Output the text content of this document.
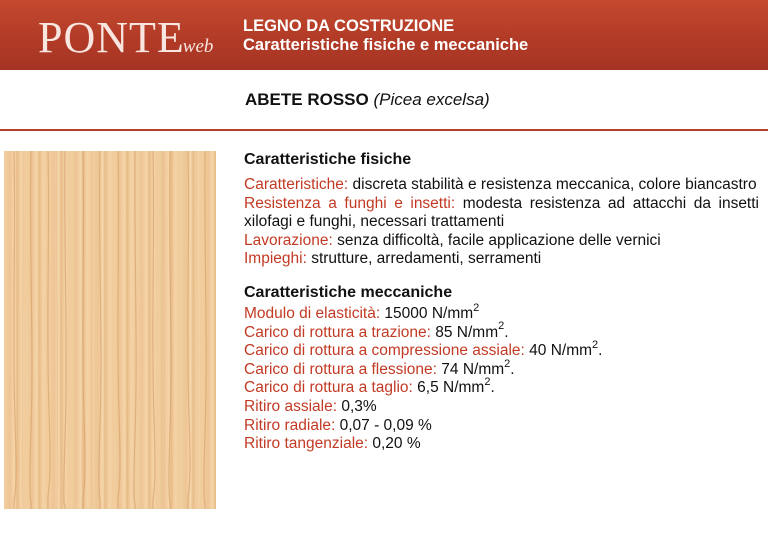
PONTEweb
LEGNO DA COSTRUZIONE
Caratteristiche fisiche e meccaniche
ABETE ROSSO (Picea excelsa)

Caratteristiche fisiche

Caratteristiche: discreta stabilità e resistenza meccanica, colore biancastro

Resistenza a funghi e insetti: modesta resistenza ad attacchi da insetti xilofagi e funghi, necessari trattamenti

Lavorazione: senza difficoltà, facile applicazione delle vernici

Impieghi: strutture, arredamenti, serramenti

Caratteristiche meccaniche

Modulo di elasticità: 15000 $N/mm^2$

Carico di rottura a trazione: 85 $N/mm^2$.

Carico di rottura a compressione assiale: 40 $N/mm^2$.

Carico di rottura a flessione: 74 $N/mm^2$.

Carico di rottura a taglio: 6,5 $N/mm^2$.

Ritiro assiale: 0,3%

Ritiro radiale: 0,07 - 0,09 %

Ritiro tangenziale: 0,20 %
